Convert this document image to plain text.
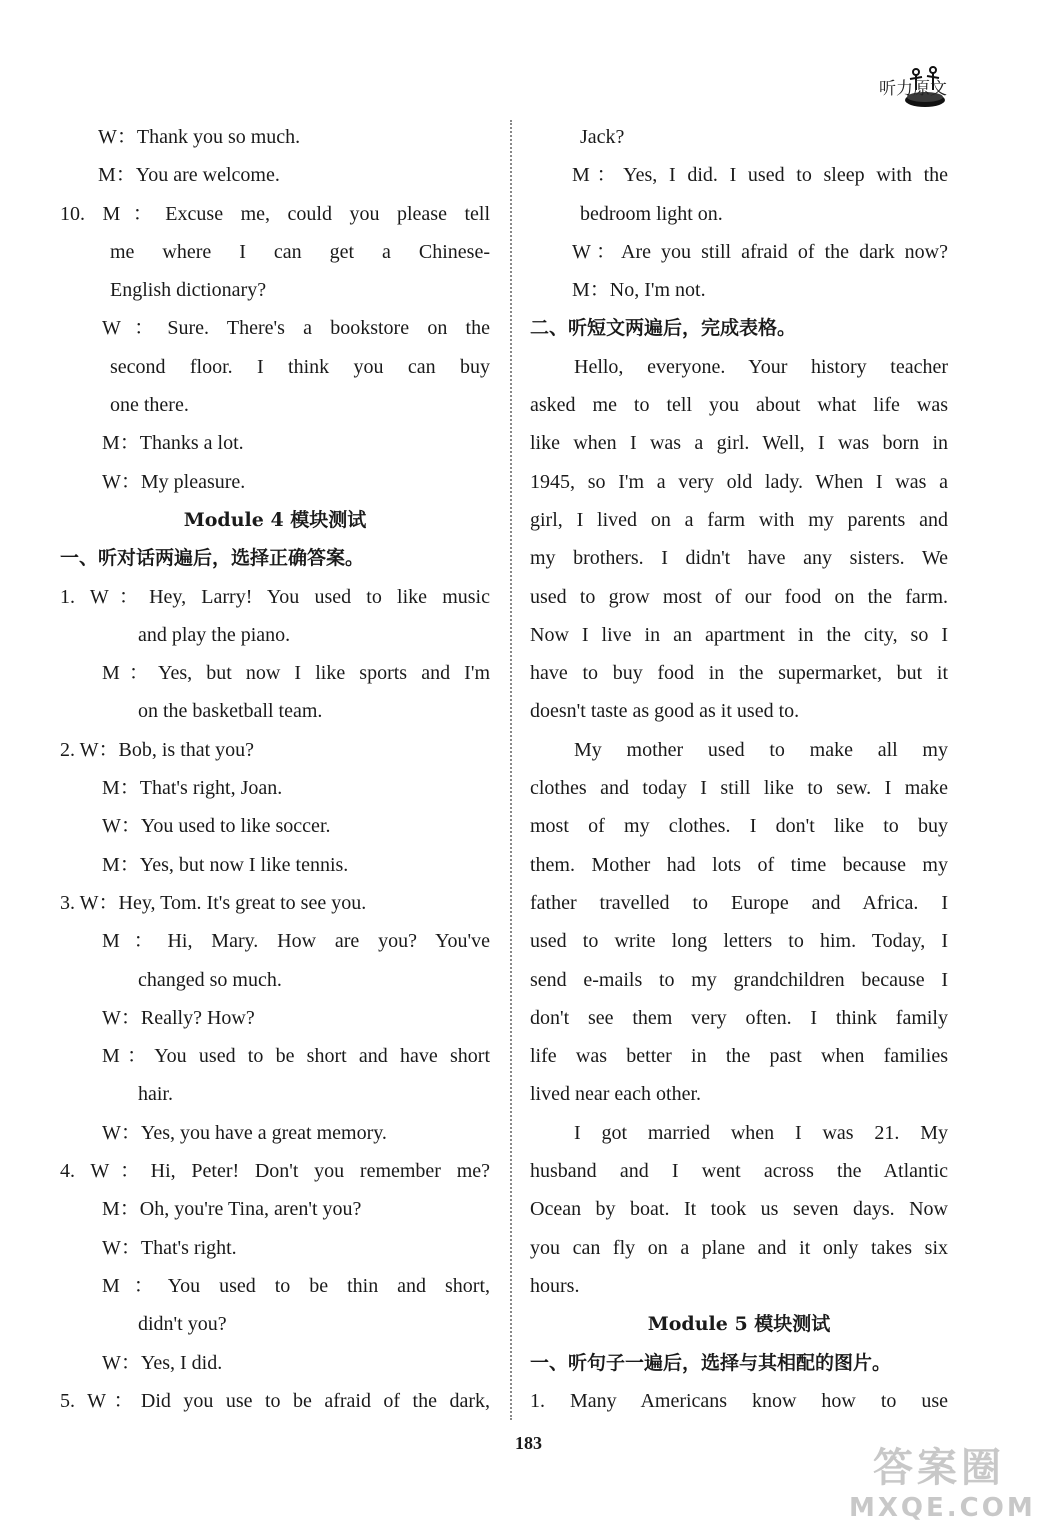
听力原文
W：Thank you so much.
M：You are welcome.
10. M：Excuse me, could you please tell
me where I can get a Chinese-
English dictionary?
W：Sure. There's a bookstore on the
second floor. I think you can buy
one there.
M：Thanks a lot.
W：My pleasure.
Module 4 模块测试
一、听对话两遍后，选择正确答案。
1. W：Hey, Larry! You used to like music
and play the piano.
M：Yes, but now I like sports and I'm
on the basketball team.
2. W：Bob, is that you?
M：That's right, Joan.
W：You used to like soccer.
M：Yes, but now I like tennis.
3. W：Hey, Tom. It's great to see you.
M：Hi, Mary. How are you? You've
changed so much.
W：Really? How?
M：You used to be short and have short
hair.
W：Yes, you have a great memory.
4. W：Hi, Peter! Don't you remember me?
M：Oh, you're Tina, aren't you?
W：That's right.
M：You used to be thin and short,
didn't you?
W：Yes, I did.
5. W：Did you use to be afraid of the dark,
Jack?
M：Yes, I did. I used to sleep with the
bedroom light on.
W：Are you still afraid of the dark now?
M：No, I'm not.
二、听短文两遍后，完成表格。
Hello, everyone. Your history teacher
asked me to tell you about what life was
like when I was a girl. Well, I was born in
1945, so I'm a very old lady. When I was a
girl, I lived on a farm with my parents and
my brothers. I didn't have any sisters. We
used to grow most of our food on the farm.
Now I live in an apartment in the city, so I
have to buy food in the supermarket, but it
doesn't taste as good as it used to.
My mother used to make all my
clothes and today I still like to sew. I make
most of my clothes. I don't like to buy
them. Mother had lots of time because my
father travelled to Europe and Africa. I
used to write long letters to him. Today, I
send e-mails to my grandchildren because I
don't see them very often. I think family
life was better in the past when families
lived near each other.
I got married when I was 21. My
husband and I went across the Atlantic
Ocean by boat. It took us seven days. Now
you can fly on a plane and it only takes six
hours.
Module 5 模块测试
一、听句子一遍后，选择与其相配的图片。
1. Many Americans know how to use
183
答案圈
MXQE.COM
